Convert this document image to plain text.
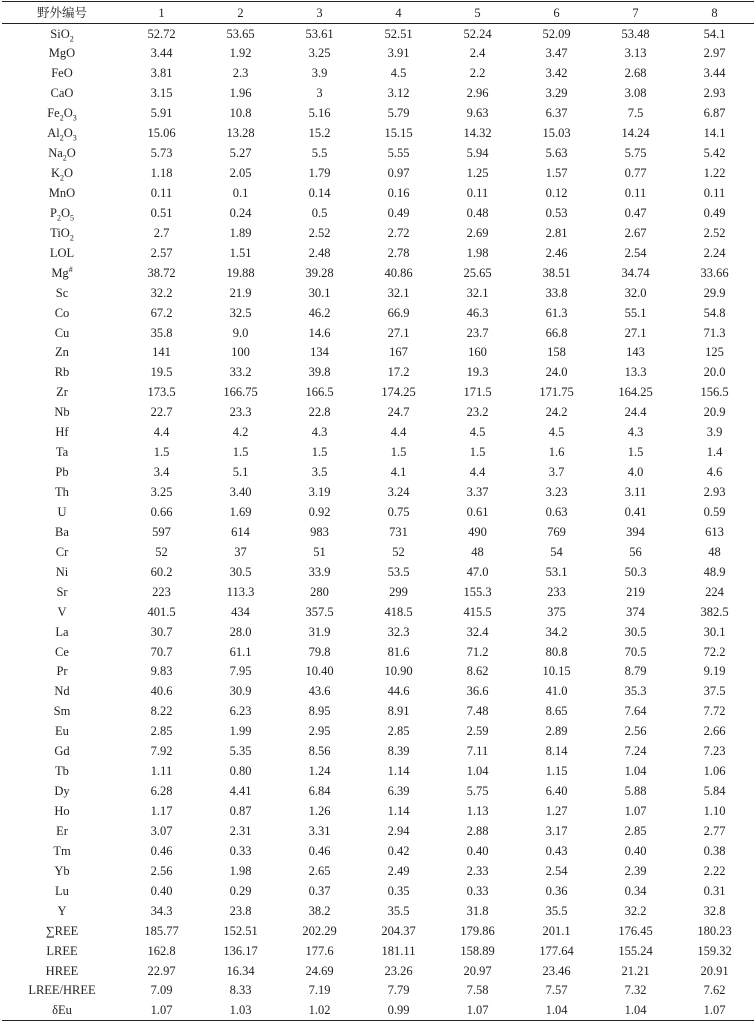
野外编号	1	2	3	4	5	6	7	8
SiO$_2$	52.72	53.65	53.61	52.51	52.24	52.09	53.48	54.1
MgO	3.44	1.92	3.25	3.91	2.4	3.47	3.13	2.97
FeO	3.81	2.3	3.9	4.5	2.2	3.42	2.68	3.44
CaO	3.15	1.96	3	3.12	2.96	3.29	3.08	2.93
$Fe_2O_3$	5.91	10.8	5.16	5.79	9.63	6.37	7.5	6.87
$Al_2O_3$	15.06	13.28	15.2	15.15	14.32	15.03	14.24	14.1
$Na_2O$	5.73	5.27	5.5	5.55	5.94	5.63	5.75	5.42
$K_2O$	1.18	2.05	1.79	0.97	1.25	1.57	0.77	1.22
MnO	0.11	0.1	0.14	0.16	0.11	0.12	0.11	0.11
$P_2O_5$	0.51	0.24	0.5	0.49	0.48	0.53	0.47	0.49
TiO$_2$	2.7	1.89	2.52	2.72	2.69	2.81	2.67	2.52
LOL	2.57	1.51	2.48	2.78	1.98	2.46	2.54	2.24
Mg#	38.72	19.88	39.28	40.86	25.65	38.51	34.74	33.66
Sc	32.2	21.9	30.1	32.1	32.1	33.8	32.0	29.9
Co	67.2	32.5	46.2	66.9	46.3	61.3	55.1	54.8
Cu	35.8	9.0	14.6	27.1	23.7	66.8	27.1	71.3
Zn	141	100	134	167	160	158	143	125
Rb	19.5	33.2	39.8	17.2	19.3	24.0	13.3	20.0
Zr	173.5	166.75	166.5	174.25	171.5	171.75	164.25	156.5
Nb	22.7	23.3	22.8	24.7	23.2	24.2	24.4	20.9
Hf	4.4	4.2	4.3	4.4	4.5	4.5	4.3	3.9
Ta	1.5	1.5	1.5	1.5	1.5	1.6	1.5	1.4
Pb	3.4	5.1	3.5	4.1	4.4	3.7	4.0	4.6
Th	3.25	3.40	3.19	3.24	3.37	3.23	3.11	2.93
U	0.66	1.69	0.92	0.75	0.61	0.63	0.41	0.59
Ba	597	614	983	731	490	769	394	613
Cr	52	37	51	52	48	54	56	48
Ni	60.2	30.5	33.9	53.5	47.0	53.1	50.3	48.9
Sr	223	113.3	280	299	155.3	233	219	224
V	401.5	434	357.5	418.5	415.5	375	374	382.5
La	30.7	28.0	31.9	32.3	32.4	34.2	30.5	30.1
Ce	70.7	61.1	79.8	81.6	71.2	80.8	70.5	72.2
Pr	9.83	7.95	10.40	10.90	8.62	10.15	8.79	9.19
Nd	40.6	30.9	43.6	44.6	36.6	41.0	35.3	37.5
Sm	8.22	6.23	8.95	8.91	7.48	8.65	7.64	7.72
Eu	2.85	1.99	2.95	2.85	2.59	2.89	2.56	2.66
Gd	7.92	5.35	8.56	8.39	7.11	8.14	7.24	7.23
Tb	1.11	0.80	1.24	1.14	1.04	1.15	1.04	1.06
Dy	6.28	4.41	6.84	6.39	5.75	6.40	5.88	5.84
Ho	1.17	0.87	1.26	1.14	1.13	1.27	1.07	1.10
Er	3.07	2.31	3.31	2.94	2.88	3.17	2.85	2.77
Tm	0.46	0.33	0.46	0.42	0.40	0.43	0.40	0.38
Yb	2.56	1.98	2.65	2.49	2.33	2.54	2.39	2.22
Lu	0.40	0.29	0.37	0.35	0.33	0.36	0.34	0.31
Y	34.3	23.8	38.2	35.5	31.8	35.5	32.2	32.8
∑REE	185.77	152.51	202.29	204.37	179.86	201.1	176.45	180.23
LREE	162.8	136.17	177.6	181.11	158.89	177.64	155.24	159.32
HREE	22.97	16.34	24.69	23.26	20.97	23.46	21.21	20.91
LREE/HREE	7.09	8.33	7.19	7.79	7.58	7.57	7.32	7.62
δEu	1.07	1.03	1.02	0.99	1.07	1.04	1.04	1.07
